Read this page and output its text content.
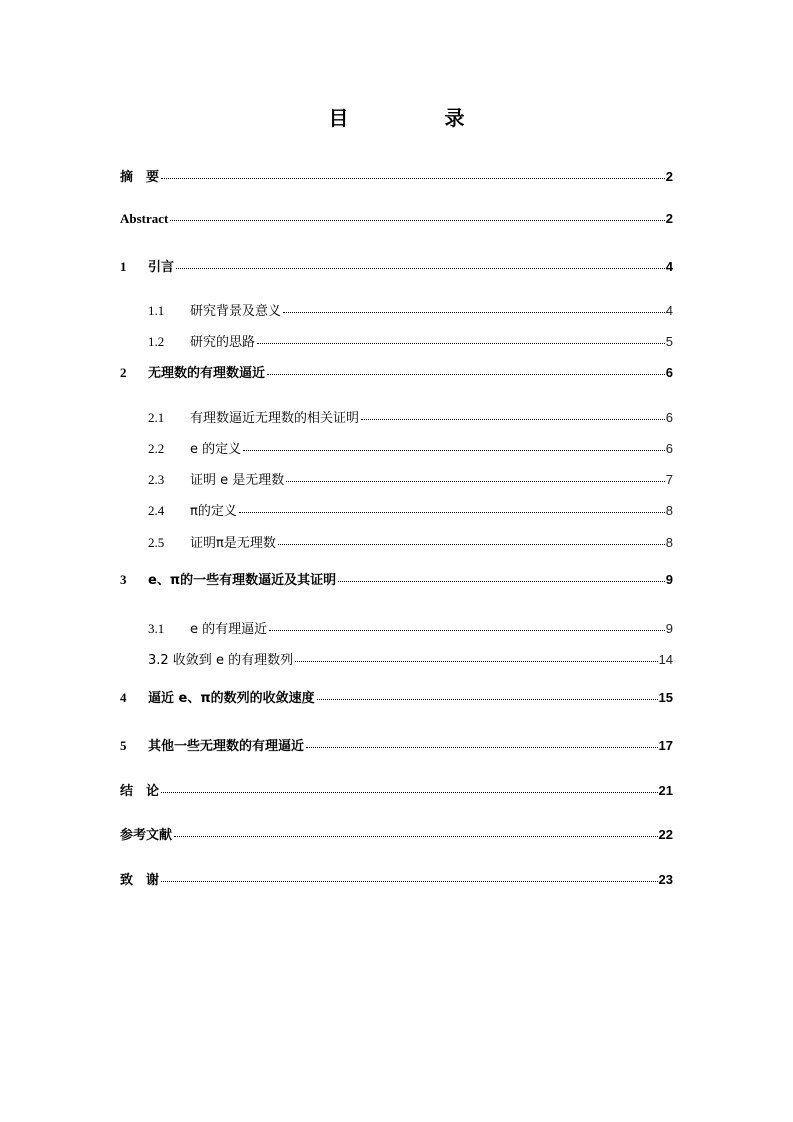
目　录
摘　要	2
Abstract	2
1	引言	4
1.1	研究背景及意义	4
1.2	研究的思路	5
2	无理数的有理数逼近	6
2.1	有理数逼近无理数的相关证明	6
2.2	e 的定义	6
2.3	证明 e 是无理数	7
2.4	π的定义	8
2.5	证明π是无理数	8
3	e、π的一些有理数逼近及其证明	9
3.1	e 的有理逼近	9
3.2 收敛到 e 的有理数列	14
4	逼近 e、π的数列的收敛速度	15
5	其他一些无理数的有理逼近	17
结　论	21
参考文献	22
致　谢	23
